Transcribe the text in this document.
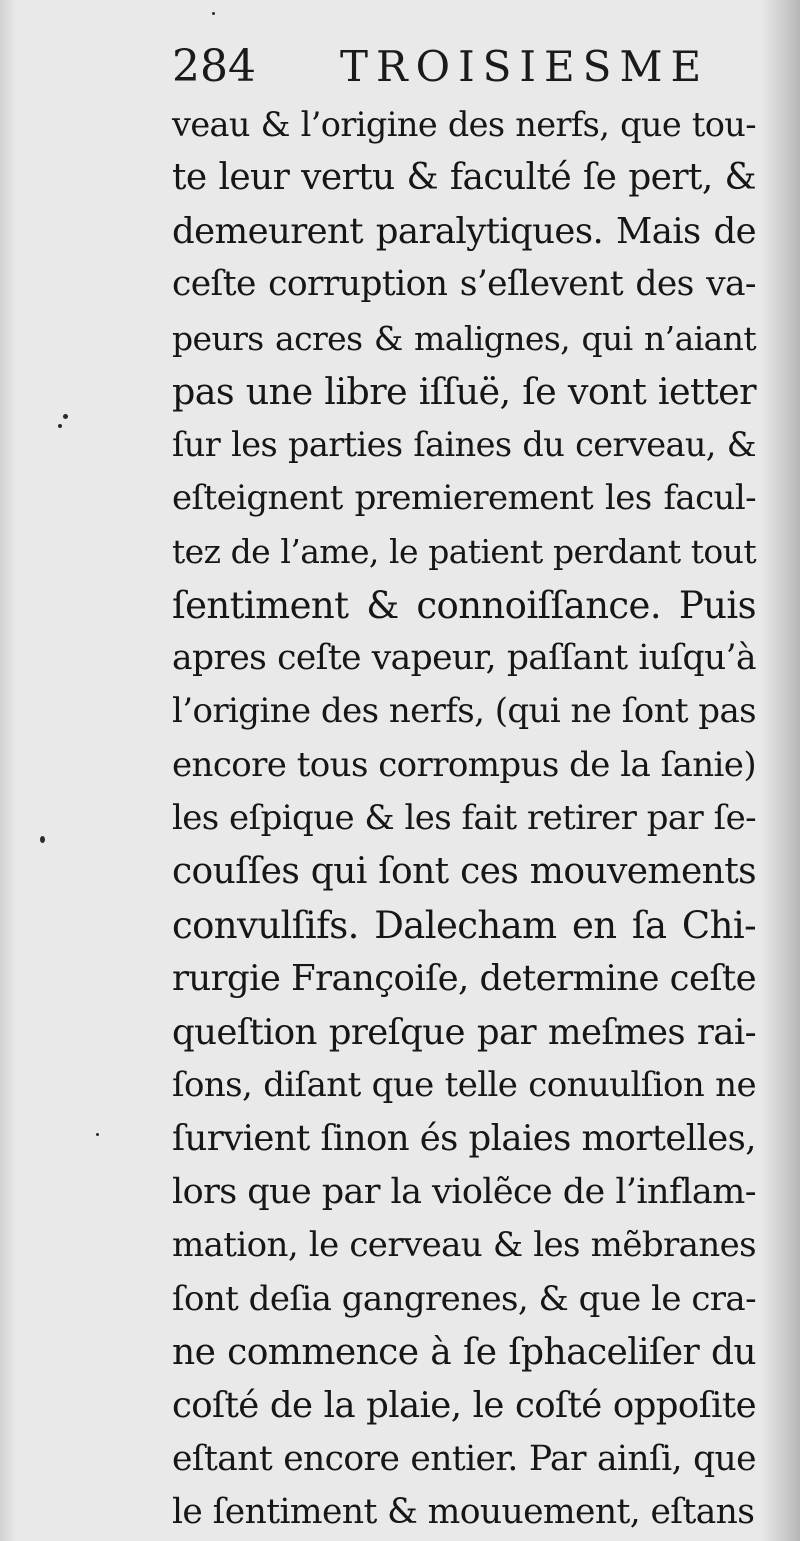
284 TROISIESME
veau & l’origine des nerfs, que tou-
te leur vertu & faculté ſe pert, &
demeurent paralytiques. Mais de
ceſte corruption s’eſlevent des va-
peurs acres & malignes, qui n’aiant
pas une libre iſſuë, ſe vont ietter
ſur les parties ſaines du cerveau, &
eſteignent premierement les facul-
tez de l’ame, le patient perdant tout
ſentiment & connoiſſance. Puis
apres ceſte vapeur, paſſant iuſqu’à
l’origine des nerfs, (qui ne ſont pas
encore tous corrompus de la ſanie)
les eſpique & les fait retirer par ſe-
couſſes qui ſont ces mouvements
convulſifs. Dalecham en ſa Chi-
rurgie Françoiſe, determine ceſte
queſtion preſque par meſmes rai-
ſons, diſant que telle conuulſion ne
ſurvient ſinon és plaies mortelles,
lors que par la violẽce de l’inflam-
mation, le cerveau & les mẽbranes
ſont deſia gangrenes, & que le cra-
ne commence à ſe ſphaceliſer du
coſté de la plaie, le coſté oppoſite
eſtant encore entier. Par ainſi, que
le ſentiment & mouuement, eſtans
